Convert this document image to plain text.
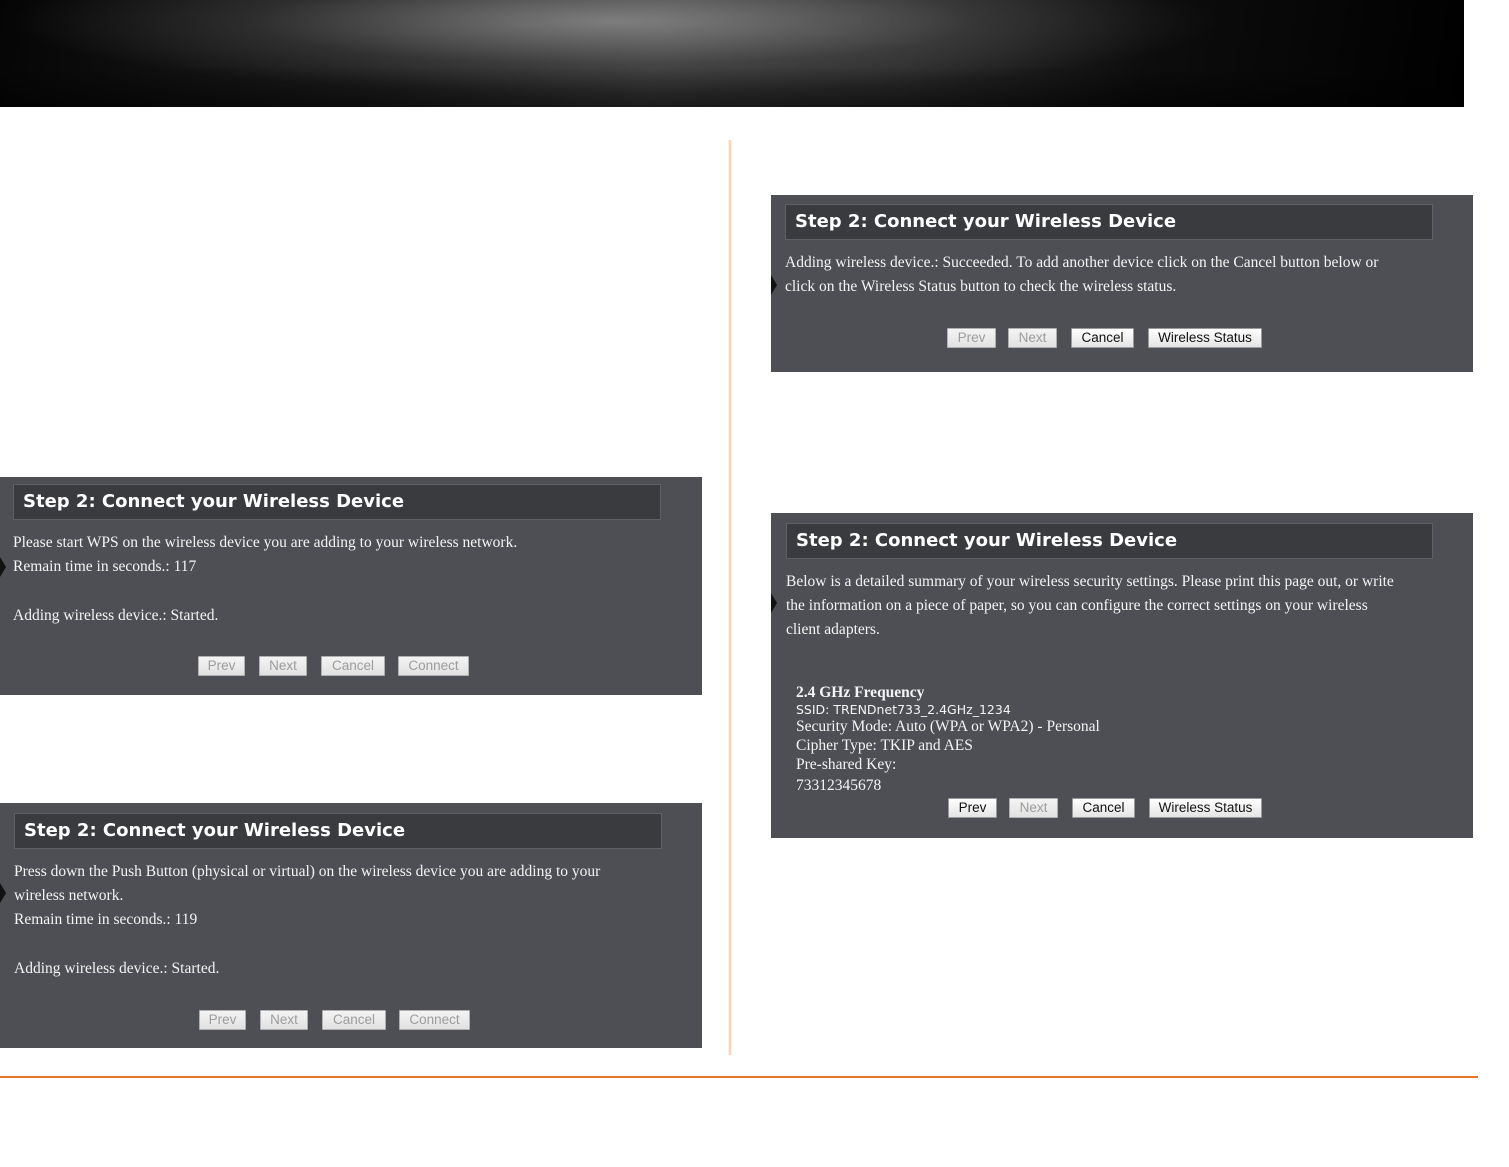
Step 2: Connect your Wireless Device
Please start WPS on the wireless device you are adding to your wireless network.
Remain time in seconds.: 117
Adding wireless device.: Started.
Prev	Next	Cancel	Connect
Step 2: Connect your Wireless Device
Press down the Push Button (physical or virtual) on the wireless device you are adding to your
wireless network.
Remain time in seconds.: 119
Adding wireless device.: Started.
Prev	Next	Cancel	Connect
Step 2: Connect your Wireless Device
Adding wireless device.: Succeeded. To add another device click on the Cancel button below or
click on the Wireless Status button to check the wireless status.
Prev	Next	Cancel	Wireless Status
Step 2: Connect your Wireless Device
Below is a detailed summary of your wireless security settings. Please print this page out, or write
the information on a piece of paper, so you can configure the correct settings on your wireless
client adapters.
2.4 GHz Frequency
SSID: TRENDnet733_2.4GHz_1234
Security Mode: Auto (WPA or WPA2) - Personal
Cipher Type: TKIP and AES
Pre-shared Key:
73312345678
Prev	Next	Cancel	Wireless Status
